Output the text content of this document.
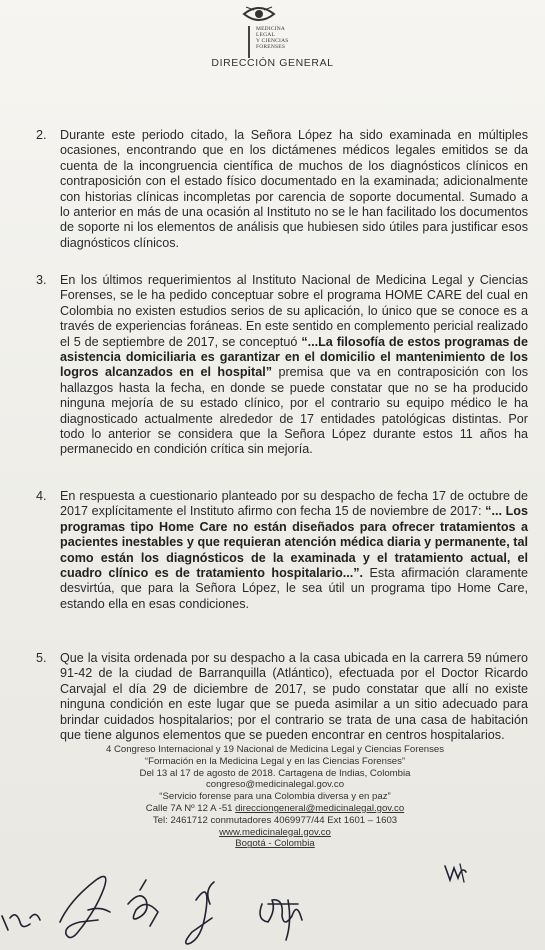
MEDICINA
LEGAL
Y CIENCIAS
FORENSES
DIRECCIÓN GENERAL
2.	Durante este periodo citado, la Señora López ha sido examinada en múltiples ocasiones, encontrando que en los dictámenes médicos legales emitidos se da cuenta de la incongruencia científica de muchos de los diagnósticos clínicos en contraposición con el estado físico documentado en la examinada; adicionalmente con historias clínicas incompletas por carencia de soporte documental. Sumado a lo anterior en más de una ocasión al Instituto no se le han facilitado los documentos de soporte ni los elementos de análisis que hubiesen sido útiles para justificar esos diagnósticos clínicos.
3.	En los últimos requerimientos al Instituto Nacional de Medicina Legal y Ciencias Forenses, se le ha pedido conceptuar sobre el programa HOME CARE del cual en Colombia no existen estudios serios de su aplicación, lo único que se conoce es a través de experiencias foráneas. En este sentido en complemento pericial realizado el 5 de septiembre de 2017, se conceptuó “...La filosofía de estos programas de asistencia domiciliaria es garantizar en el domicilio el mantenimiento de los logros alcanzados en el hospital” premisa que va en contraposición con los hallazgos hasta la fecha, en donde se puede constatar que no se ha producido ninguna mejoría de su estado clínico, por el contrario su equipo médico le ha diagnosticado actualmente alrededor de 17 entidades patológicas distintas. Por todo lo anterior se considera que la Señora López durante estos 11 años ha permanecido en condición crítica sin mejoría.
4.	En respuesta a cuestionario planteado por su despacho de fecha 17 de octubre de 2017 explícitamente el Instituto afirmo con fecha 15 de noviembre de 2017: “... Los programas tipo Home Care no están diseñados para ofrecer tratamientos a pacientes inestables y que requieran atención médica diaria y permanente, tal como están los diagnósticos de la examinada y el tratamiento actual, el cuadro clínico es de tratamiento hospitalario...”. Esta afirmación claramente desvirtúa, que para la Señora López, le sea útil un programa tipo Home Care, estando ella en esas condiciones.
5.	Que la visita ordenada por su despacho a la casa ubicada en la carrera 59 número 91-42 de la ciudad de Barranquilla (Atlántico), efectuada por el Doctor Ricardo Carvajal el día 29 de diciembre de 2017, se pudo constatar que allí no existe ninguna condición en este lugar que se pueda asimilar a un sitio adecuado para brindar cuidados hospitalarios; por el contrario se trata de una casa de habitación que tiene algunos elementos que se pueden encontrar en centros hospitalarios.
4 Congreso Internacional y 19 Nacional de Medicina Legal y Ciencias Forenses
“Formación en la Medicina Legal y en las Ciencias Forenses”
Del 13 al 17 de agosto de 2018. Cartagena de Indias, Colombia
congreso@medicinalegal.gov.co
“Servicio forense para una Colombia diversa y en paz”
Calle 7A Nº 12 A -51 direcciongeneral@medicinalegal.gov.co
Tel: 2461712 conmutadores 4069977/44 Ext 1601 – 1603
www.medicinalegal.gov.co
Bogotá - Colombia
